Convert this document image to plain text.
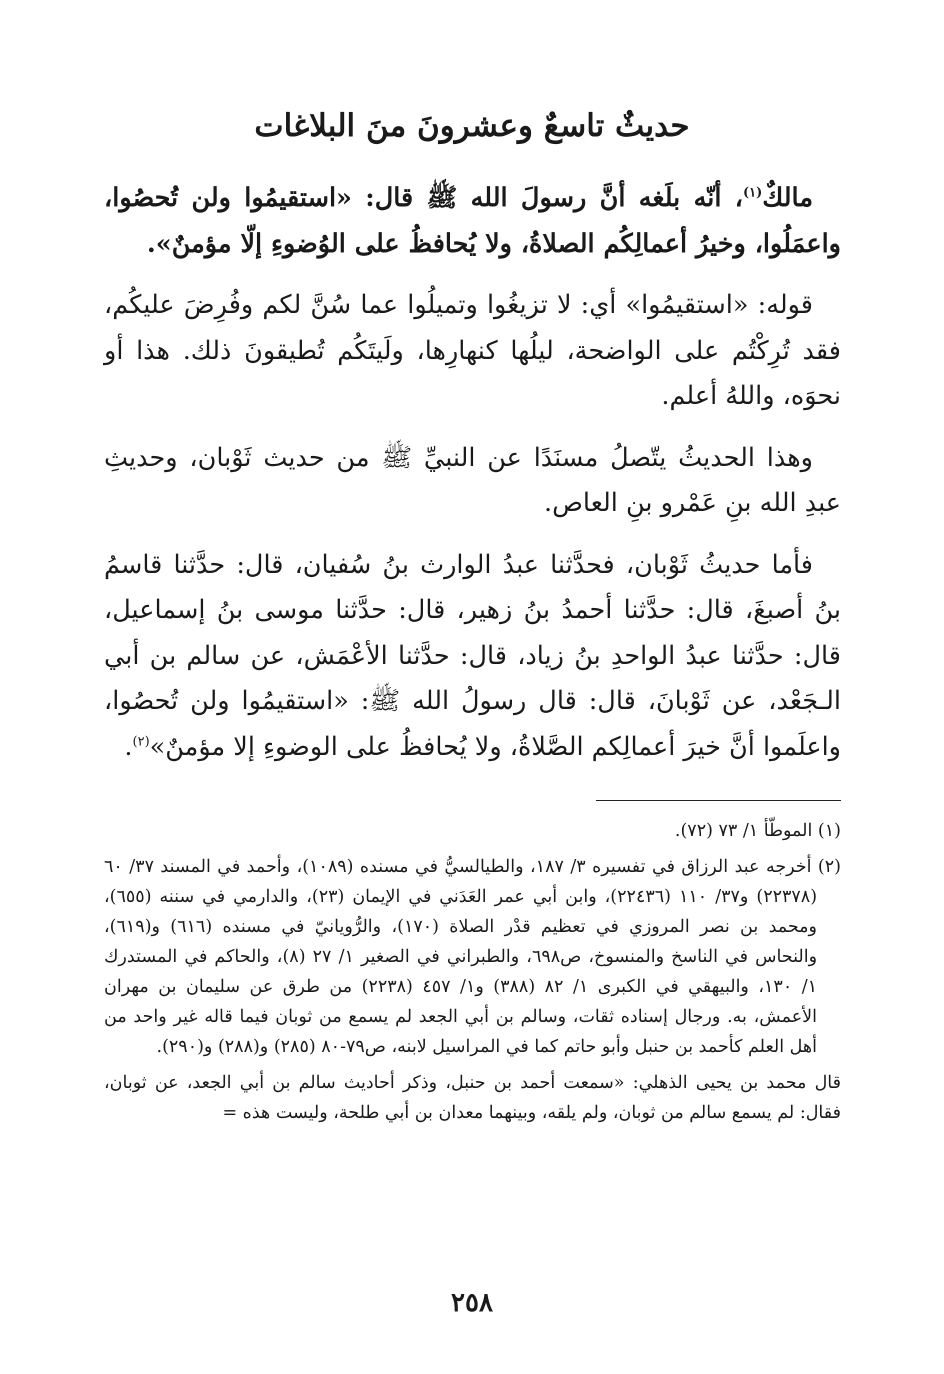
حديثٌ تاسعٌ وعشرونَ منَ البلاغات

مالكٌ$^{(١)}$، أنّه بلَغه أنَّ رسولَ الله ﷺ قال: «استقيمُوا ولن تُحصُوا، واعمَلُوا، وخيرُ أعمالِكُم الصلاةُ، ولا يُحافظُ على الوُضوءِ إلّا مؤمنٌ».

قوله: «استقيمُوا» أي: لا تزيغُوا وتميلُوا عما سُنَّ لكم وفُرِضَ عليكُم، فقد تُرِكْتُم على الواضحة، ليلُها كنهارِها، ولَيتَكُم تُطيقونَ ذلك. هذا أو نحوَه، واللهُ أعلم.

وهذا الحديثُ يتّصلُ مسنَدًا عن النبيِّ ﷺ من حديث ثَوْبان، وحديثِ عبدِ الله بنِ عَمْرو بنِ العاص.

فأما حديثُ ثَوْبان، فحدَّثنا عبدُ الوارث بنُ سُفيان، قال: حدَّثنا قاسمُ بنُ أصبغَ، قال: حدَّثنا أحمدُ بنُ زهير، قال: حدَّثنا موسى بنُ إسماعيل، قال: حدَّثنا عبدُ الواحدِ بنُ زياد، قال: حدَّثنا الأعْمَش، عن سالم بن أبي الـجَعْد، عن ثَوْبانَ، قال: قال رسولُ الله ﷺ: «استقيمُوا ولن تُحصُوا، واعلَموا أنَّ خيرَ أعمالِكم الصَّلاةُ، ولا يُحافظُ على الوضوءِ إلا مؤمنٌ»$^{(٢)}$.

(١) الموطّأ ١/ ٧٣ (٧٢).

(٢) أخرجه عبد الرزاق في تفسيره ٣/ ١٨٧، والطيالسيُّ في مسنده (١٠٨٩)، وأحمد في المسند ٣٧/ ٦٠ (٢٢٣٧٨) و٣٧/ ١١٠ (٢٢٤٣٦)، وابن أبي عمر العَدَني في الإيمان (٢٣)، والدارمي في سننه (٦٥٥)، ومحمد بن نصر المروزي في تعظيم قدْر الصلاة (١٧٠)، والرُّويانيّ في مسنده (٦١٦) و(٦١٩)، والنحاس في الناسخ والمنسوخ، ص٦٩٨، والطبراني في الصغير ١/ ٢٧ (٨)، والحاكم في المستدرك ١/ ١٣٠، والبيهقي في الكبرى ١/ ٨٢ (٣٨٨) و١/ ٤٥٧ (٢٢٣٨) من طرق عن سليمان بن مهران الأعمش، به. ورجال إسناده ثقات، وسالم بن أبي الجعد لم يسمع من ثوبان فيما قاله غير واحد من أهل العلم كأحمد بن حنبل وأبو حاتم كما في المراسيل لابنه، ص٧٩-٨٠ (٢٨٥) و(٢٨٨) و(٢٩٠).

قال محمد بن يحيى الذهلي: «سمعت أحمد بن حنبل، وذكر أحاديث سالم بن أبي الجعد، عن ثوبان، فقال: لم يسمع سالم من ثوبان، ولم يلقه، وبينهما معدان بن أبي طلحة، وليست هذه =

٢٥٨
